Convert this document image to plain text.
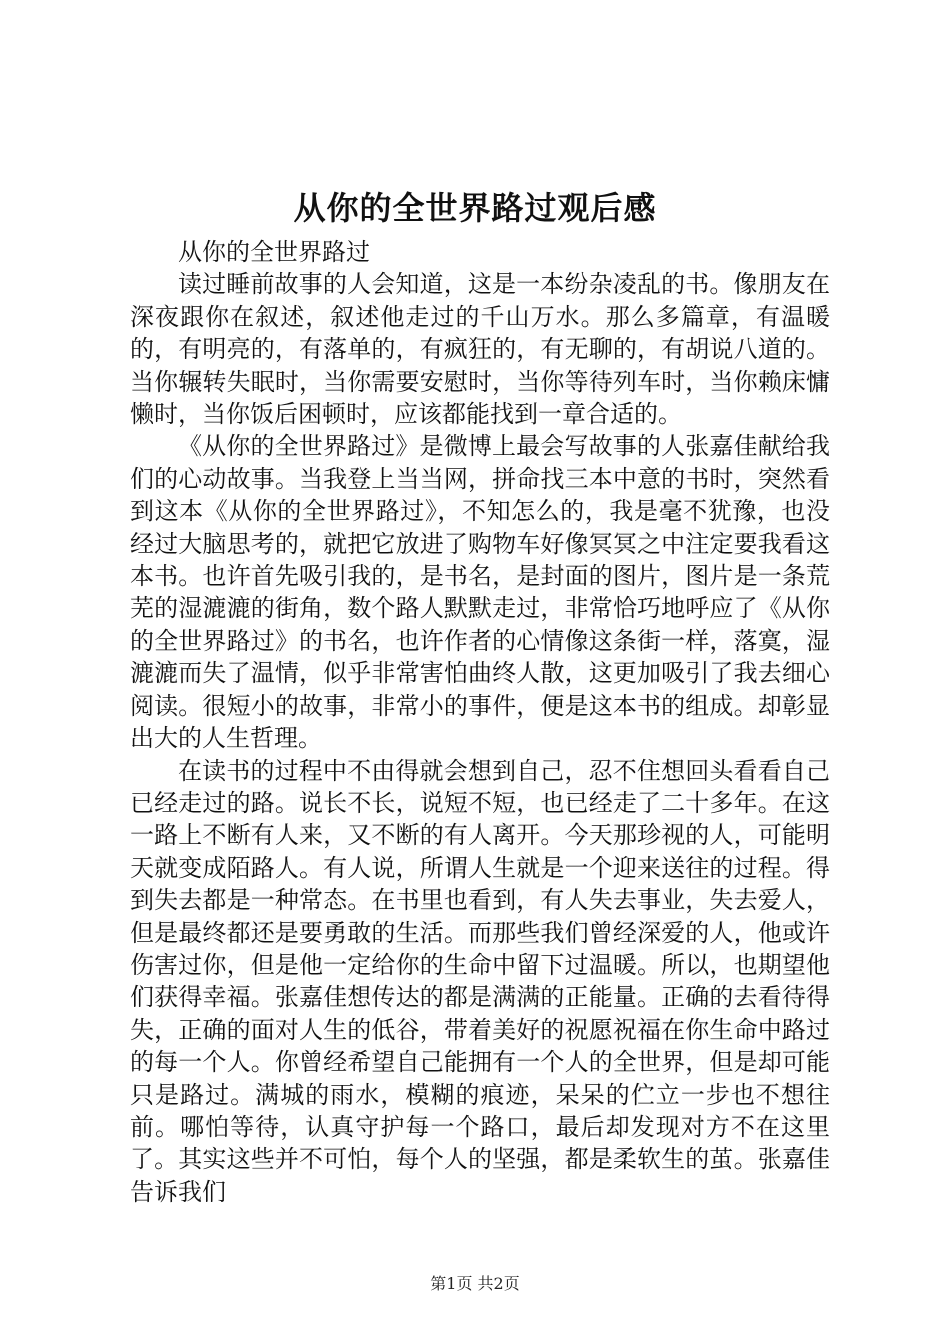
从你的全世界路过观后感

从你的全世界路过

读过睡前故事的人会知道，这是一本纷杂凌乱的书。像朋友在深夜跟你在叙述，叙述他走过的千山万水。那么多篇章，有温暖的，有明亮的，有落单的，有疯狂的，有无聊的，有胡说八道的。当你辗转失眠时，当你需要安慰时，当你等待列车时，当你赖床慵懒时，当你饭后困顿时，应该都能找到一章合适的。

《从你的全世界路过》是微博上最会写故事的人张嘉佳献给我们的心动故事。当我登上当当网，拼命找三本中意的书时，突然看到这本《从你的全世界路过》，不知怎么的，我是毫不犹豫，也没经过大脑思考的，就把它放进了购物车好像冥冥之中注定要我看这本书。也许首先吸引我的，是书名，是封面的图片，图片是一条荒芜的湿漉漉的街角，数个路人默默走过，非常恰巧地呼应了《从你的全世界路过》的书名，也许作者的心情像这条街一样，落寞，湿漉漉而失了温情，似乎非常害怕曲终人散，这更加吸引了我去细心阅读。很短小的故事，非常小的事件，便是这本书的组成。却彰显出大的人生哲理。

在读书的过程中不由得就会想到自己，忍不住想回头看看自己已经走过的路。说长不长，说短不短，也已经走了二十多年。在这一路上不断有人来，又不断的有人离开。今天那珍视的人，可能明天就变成陌路人。有人说，所谓人生就是一个迎来送往的过程。得到失去都是一种常态。在书里也看到，有人失去事业，失去爱人，但是最终都还是要勇敢的生活。而那些我们曾经深爱的人，他或许伤害过你，但是他一定给你的生命中留下过温暖。所以，也期望他们获得幸福。张嘉佳想传达的都是满满的正能量。正确的去看待得失，正确的面对人生的低谷，带着美好的祝愿祝福在你生命中路过的每一个人。你曾经希望自己能拥有一个人的全世界，但是却可能只是路过。满城的雨水，模糊的痕迹，呆呆的伫立一步也不想往前。哪怕等待，认真守护每一个路口，最后却发现对方不在这里了。其实这些并不可怕，每个人的坚强，都是柔软生的茧。张嘉佳告诉我们

第1页 共2页
